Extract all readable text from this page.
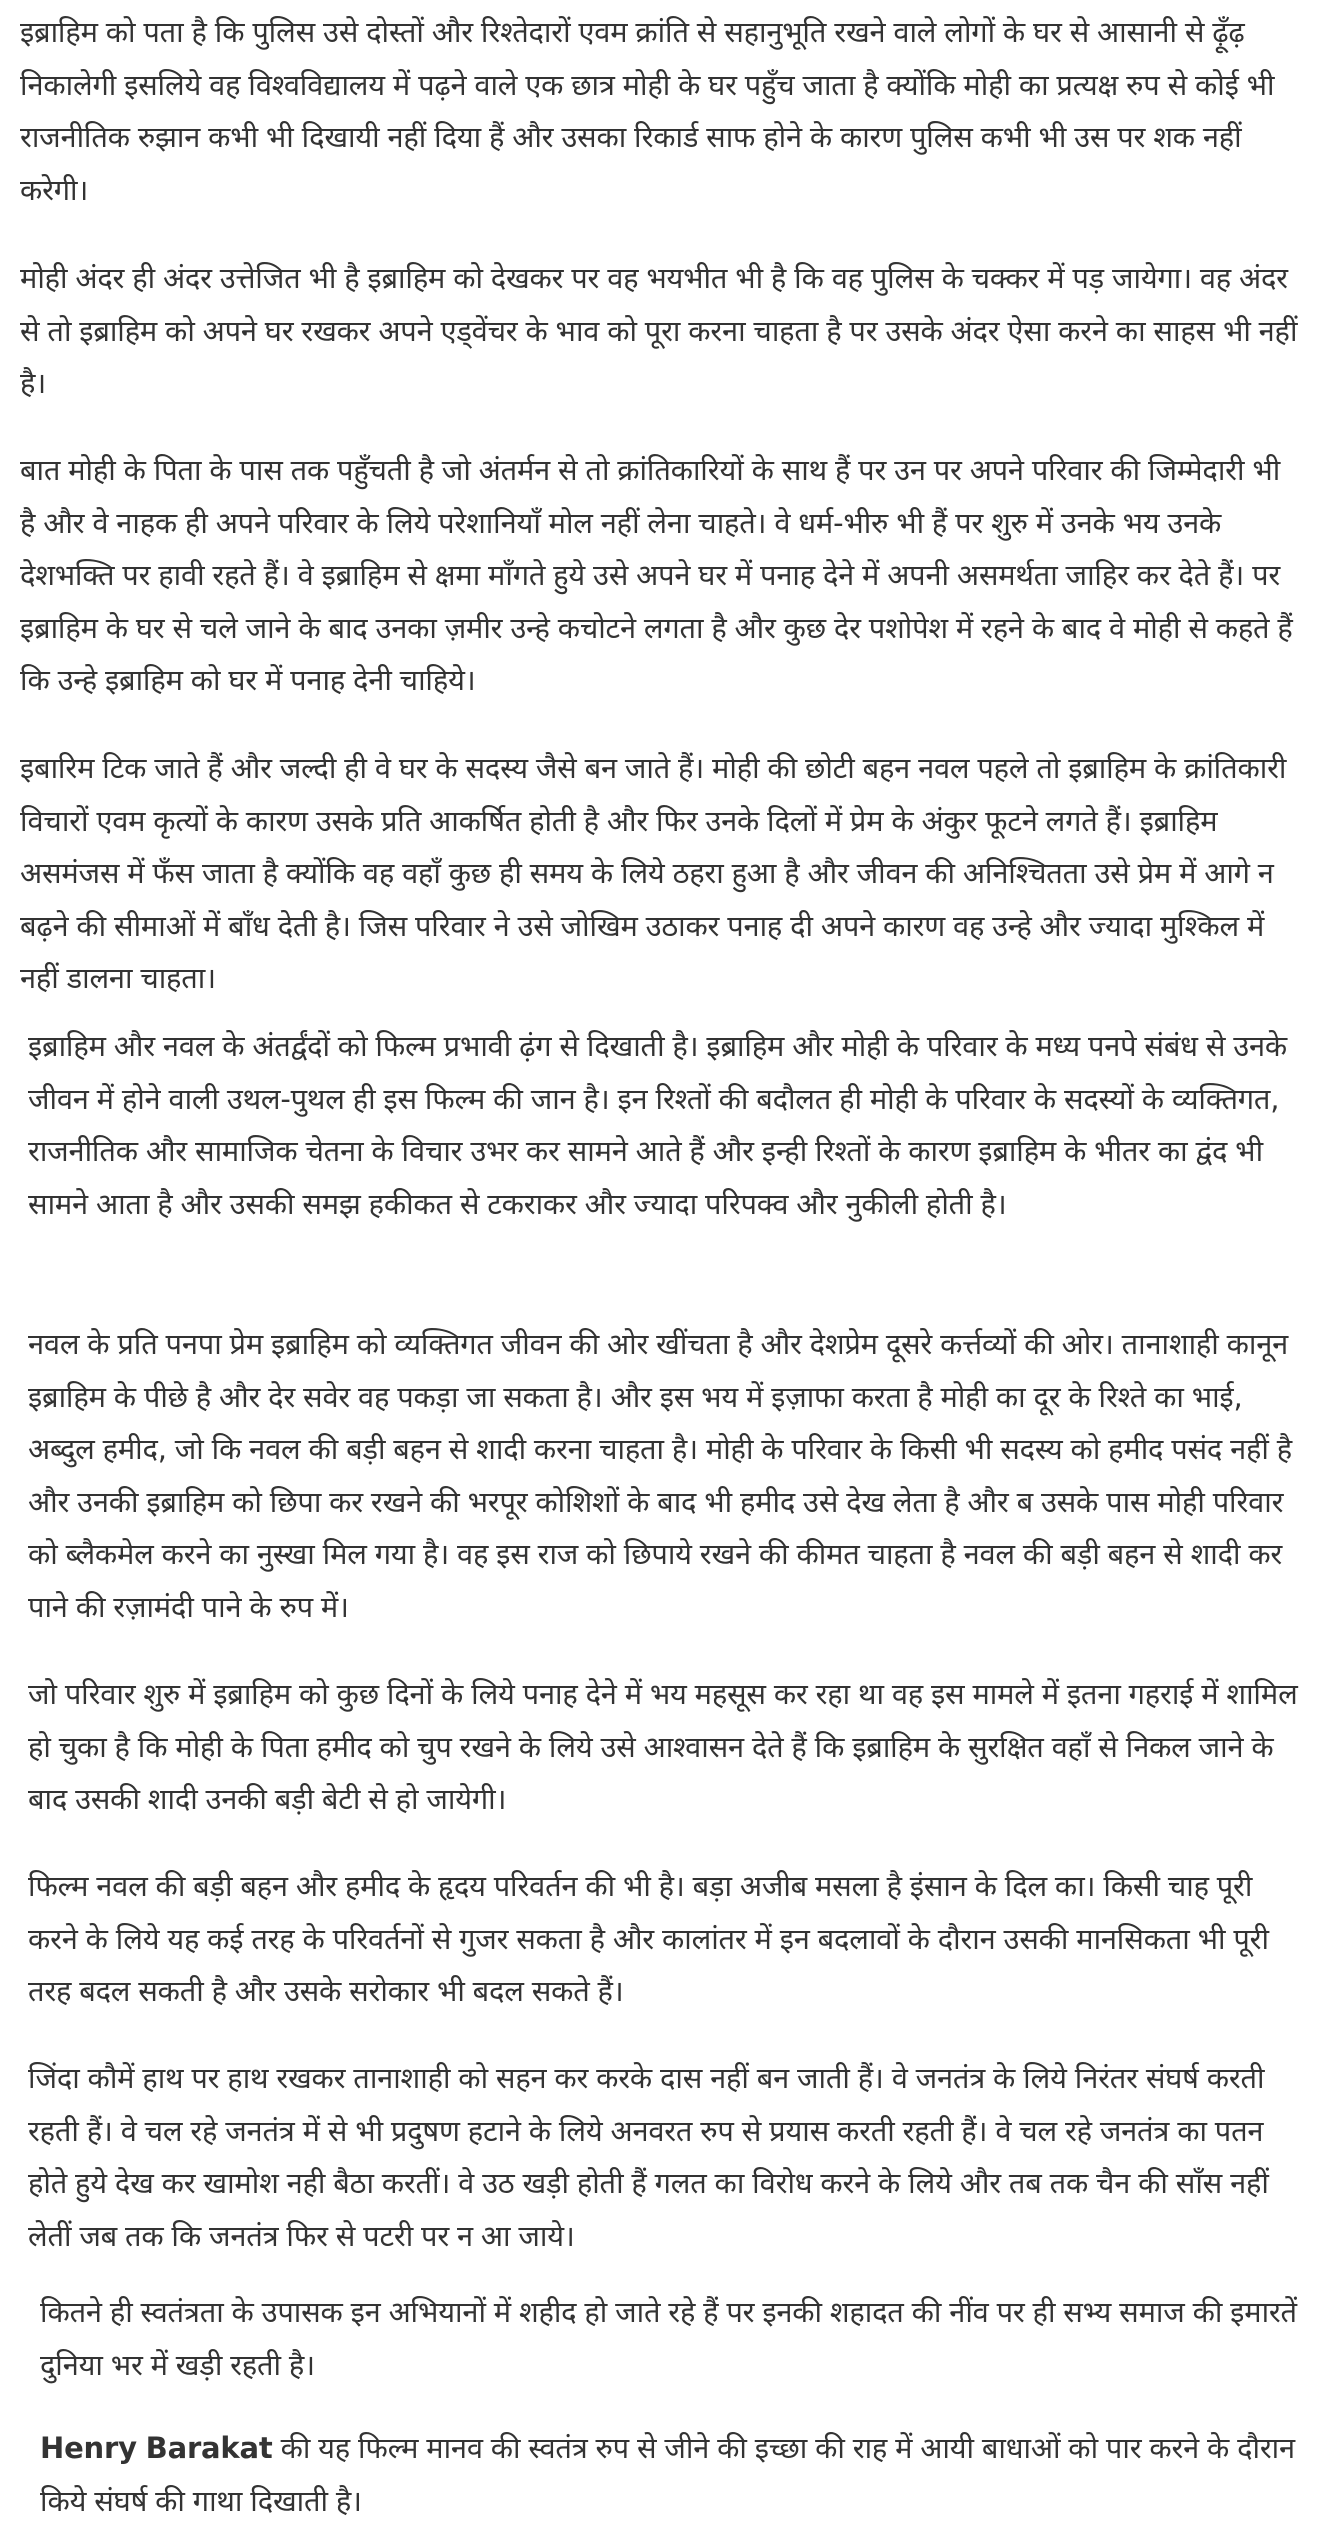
इब्राहिम को पता है कि पुलिस उसे दोस्तों और रिश्तेदारों एवम क्रांति से सहानुभूति रखने वाले लोगों के घर से आसानी से ढ़ूँढ़ निकालेगी इसलिये वह विश्वविद्यालय में पढ़ने वाले एक छात्र मोही के घर पहुँच जाता है क्योंकि मोही का प्रत्यक्ष रुप से कोई भी राजनीतिक रुझान कभी भी दिखायी नहीं दिया हैं और उसका रिकार्ड साफ होने के कारण पुलिस कभी भी उस पर शक नहीं करेगी।

मोही अंदर ही अंदर उत्तेजित भी है इब्राहिम को देखकर पर वह भयभीत भी है कि वह पुलिस के चक्कर में पड़ जायेगा। वह अंदर से तो इब्राहिम को अपने घर रखकर अपने एड्वेंचर के भाव को पूरा करना चाहता है पर उसके अंदर ऐसा करने का साहस भी नहीं है।

बात मोही के पिता के पास तक पहुँचती है जो अंतर्मन से तो क्रांतिकारियों के साथ हैं पर उन पर अपने परिवार की जिम्मेदारी भी है और वे नाहक ही अपने परिवार के लिये परेशानियाँ मोल नहीं लेना चाहते। वे धर्म-भीरु भी हैं पर शुरु में उनके भय उनके देशभक्ति पर हावी रहते हैं। वे इब्राहिम से क्षमा माँगते हुये उसे अपने घर में पनाह देने में अपनी असमर्थता जाहिर कर देते हैं। पर इब्राहिम के घर से चले जाने के बाद उनका ज़मीर उन्हे कचोटने लगता है और कुछ देर पशोपेश में रहने के बाद वे मोही से कहते हैं कि उन्हे इब्राहिम को घर में पनाह देनी चाहिये।

इबारिम टिक जाते हैं और जल्दी ही वे घर के सदस्य जैसे बन जाते हैं। मोही की छोटी बहन नवल पहले तो इब्राहिम के क्रांतिकारी विचारों एवम कृत्यों के कारण उसके प्रति आकर्षित होती है और फिर उनके दिलों में प्रेम के अंकुर फूटने लगते हैं। इब्राहिम असमंजस में फँस जाता है क्योंकि वह वहाँ कुछ ही समय के लिये ठहरा हुआ है और जीवन की अनिश्चितता उसे प्रेम में आगे न बढ़ने की सीमाओं में बाँध देती है। जिस परिवार ने उसे जोखिम उठाकर पनाह दी अपने कारण वह उन्हे और ज्यादा मुश्किल में नहीं डालना चाहता।

इब्राहिम और नवल के अंतर्द्वंदों को फिल्म प्रभावी ढ़ंग से दिखाती है। इब्राहिम और मोही के परिवार के मध्य पनपे संबंध से उनके जीवन में होने वाली उथल-पुथल ही इस फिल्म की जान है। इन रिश्तों की बदौलत ही मोही के परिवार के सदस्यों के व्यक्तिगत, राजनीतिक और सामाजिक चेतना के विचार उभर कर सामने आते हैं और इन्ही रिश्तों के कारण इब्राहिम के भीतर का द्वंद भी सामने आता है और उसकी समझ हकीकत से टकराकर और ज्यादा परिपक्व और नुकीली होती है।

नवल के प्रति पनपा प्रेम इब्राहिम को व्यक्तिगत जीवन की ओर खींचता है और देशप्रेम दूसरे कर्त्तव्यों की ओर। तानाशाही कानून इब्राहिम के पीछे है और देर सवेर वह पकड़ा जा सकता है। और इस भय में इज़ाफा करता है मोही का दूर के रिश्ते का भाई, अब्दुल हमीद, जो कि नवल की बड़ी बहन से शादी करना चाहता है। मोही के परिवार के किसी भी सदस्य को हमीद पसंद नहीं है और उनकी इब्राहिम को छिपा कर रखने की भरपूर कोशिशों के बाद भी हमीद उसे देख लेता है और ब उसके पास मोही परिवार को ब्लैकमेल करने का नुस्खा मिल गया है। वह इस राज को छिपाये रखने की कीमत चाहता है नवल की बड़ी बहन से शादी कर पाने की रज़ामंदी पाने के रुप में।

जो परिवार शुरु में इब्राहिम को कुछ दिनों के लिये पनाह देने में भय महसूस कर रहा था वह इस मामले में इतना गहराई में शामिल हो चुका है कि मोही के पिता हमीद को चुप रखने के लिये उसे आश्वासन देते हैं कि इब्राहिम के सुरक्षित वहाँ से निकल जाने के बाद उसकी शादी उनकी बड़ी बेटी से हो जायेगी।

फिल्म नवल की बड़ी बहन और हमीद के हृदय परिवर्तन की भी है। बड़ा अजीब मसला है इंसान के दिल का। किसी चाह पूरी करने के लिये यह कई तरह के परिवर्तनों से गुजर सकता है और कालांतर में इन बदलावों के दौरान उसकी मानसिकता भी पूरी तरह बदल सकती है और उसके सरोकार भी बदल सकते हैं।

जिंदा कौमें हाथ पर हाथ रखकर तानाशाही को सहन कर करके दास नहीं बन जाती हैं। वे जनतंत्र के लिये निरंतर संघर्ष करती रहती हैं। वे चल रहे जनतंत्र में से भी प्रदुषण हटाने के लिये अनवरत रुप से प्रयास करती रहती हैं। वे चल रहे जनतंत्र का पतन होते हुये देख कर खामोश नही बैठा करतीं। वे उठ खड़ी होती हैं गलत का विरोध करने के लिये और तब तक चैन की साँस नहीं लेतीं जब तक कि जनतंत्र फिर से पटरी पर न आ जाये।

कितने ही स्वतंत्रता के उपासक इन अभियानों में शहीद हो जाते रहे हैं पर इनकी शहादत की नींव पर ही सभ्य समाज की इमारतें दुनिया भर में खड़ी रहती है।

Henry Barakat की यह फिल्म मानव की स्वतंत्र रुप से जीने की इच्छा की राह में आयी बाधाओं को पार करने के दौरान किये संघर्ष की गाथा दिखाती है।
